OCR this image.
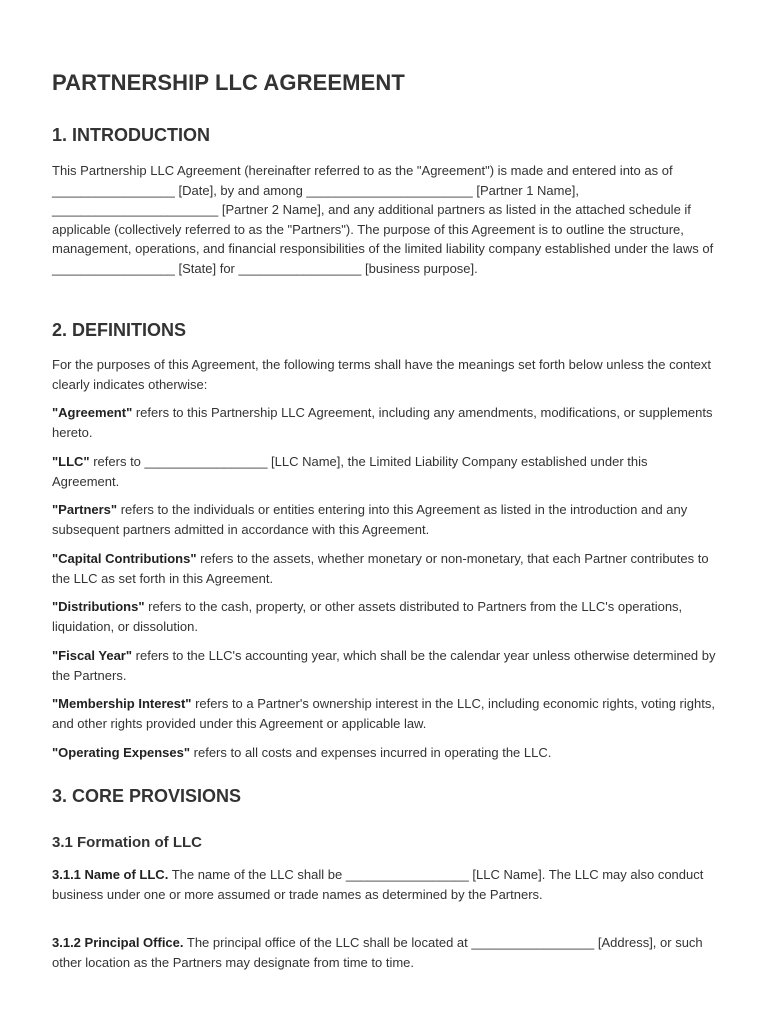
PARTNERSHIP LLC AGREEMENT
1. INTRODUCTION

This Partnership LLC Agreement (hereinafter referred to as the "Agreement") is made and entered into as of _________________ [Date], by and among _______________________ [Partner 1 Name], _______________________ [Partner 2 Name], and any additional partners as listed in the attached schedule if applicable (collectively referred to as the "Partners"). The purpose of this Agreement is to outline the structure, management, operations, and financial responsibilities of the limited liability company established under the laws of _________________ [State] for _________________ [business purpose].

2. DEFINITIONS

For the purposes of this Agreement, the following terms shall have the meanings set forth below unless the context clearly indicates otherwise:

"Agreement" refers to this Partnership LLC Agreement, including any amendments, modifications, or supplements hereto.

"LLC" refers to _________________ [LLC Name], the Limited Liability Company established under this Agreement.

"Partners" refers to the individuals or entities entering into this Agreement as listed in the introduction and any subsequent partners admitted in accordance with this Agreement.

"Capital Contributions" refers to the assets, whether monetary or non-monetary, that each Partner contributes to the LLC as set forth in this Agreement.

"Distributions" refers to the cash, property, or other assets distributed to Partners from the LLC's operations, liquidation, or dissolution.

"Fiscal Year" refers to the LLC's accounting year, which shall be the calendar year unless otherwise determined by the Partners.

"Membership Interest" refers to a Partner's ownership interest in the LLC, including economic rights, voting rights, and other rights provided under this Agreement or applicable law.

"Operating Expenses" refers to all costs and expenses incurred in operating the LLC.

3. CORE PROVISIONS
3.1 Formation of LLC

3.1.1 Name of LLC. The name of the LLC shall be _________________ [LLC Name]. The LLC may also conduct business under one or more assumed or trade names as determined by the Partners.

3.1.2 Principal Office. The principal office of the LLC shall be located at _________________ [Address], or such other location as the Partners may designate from time to time.
